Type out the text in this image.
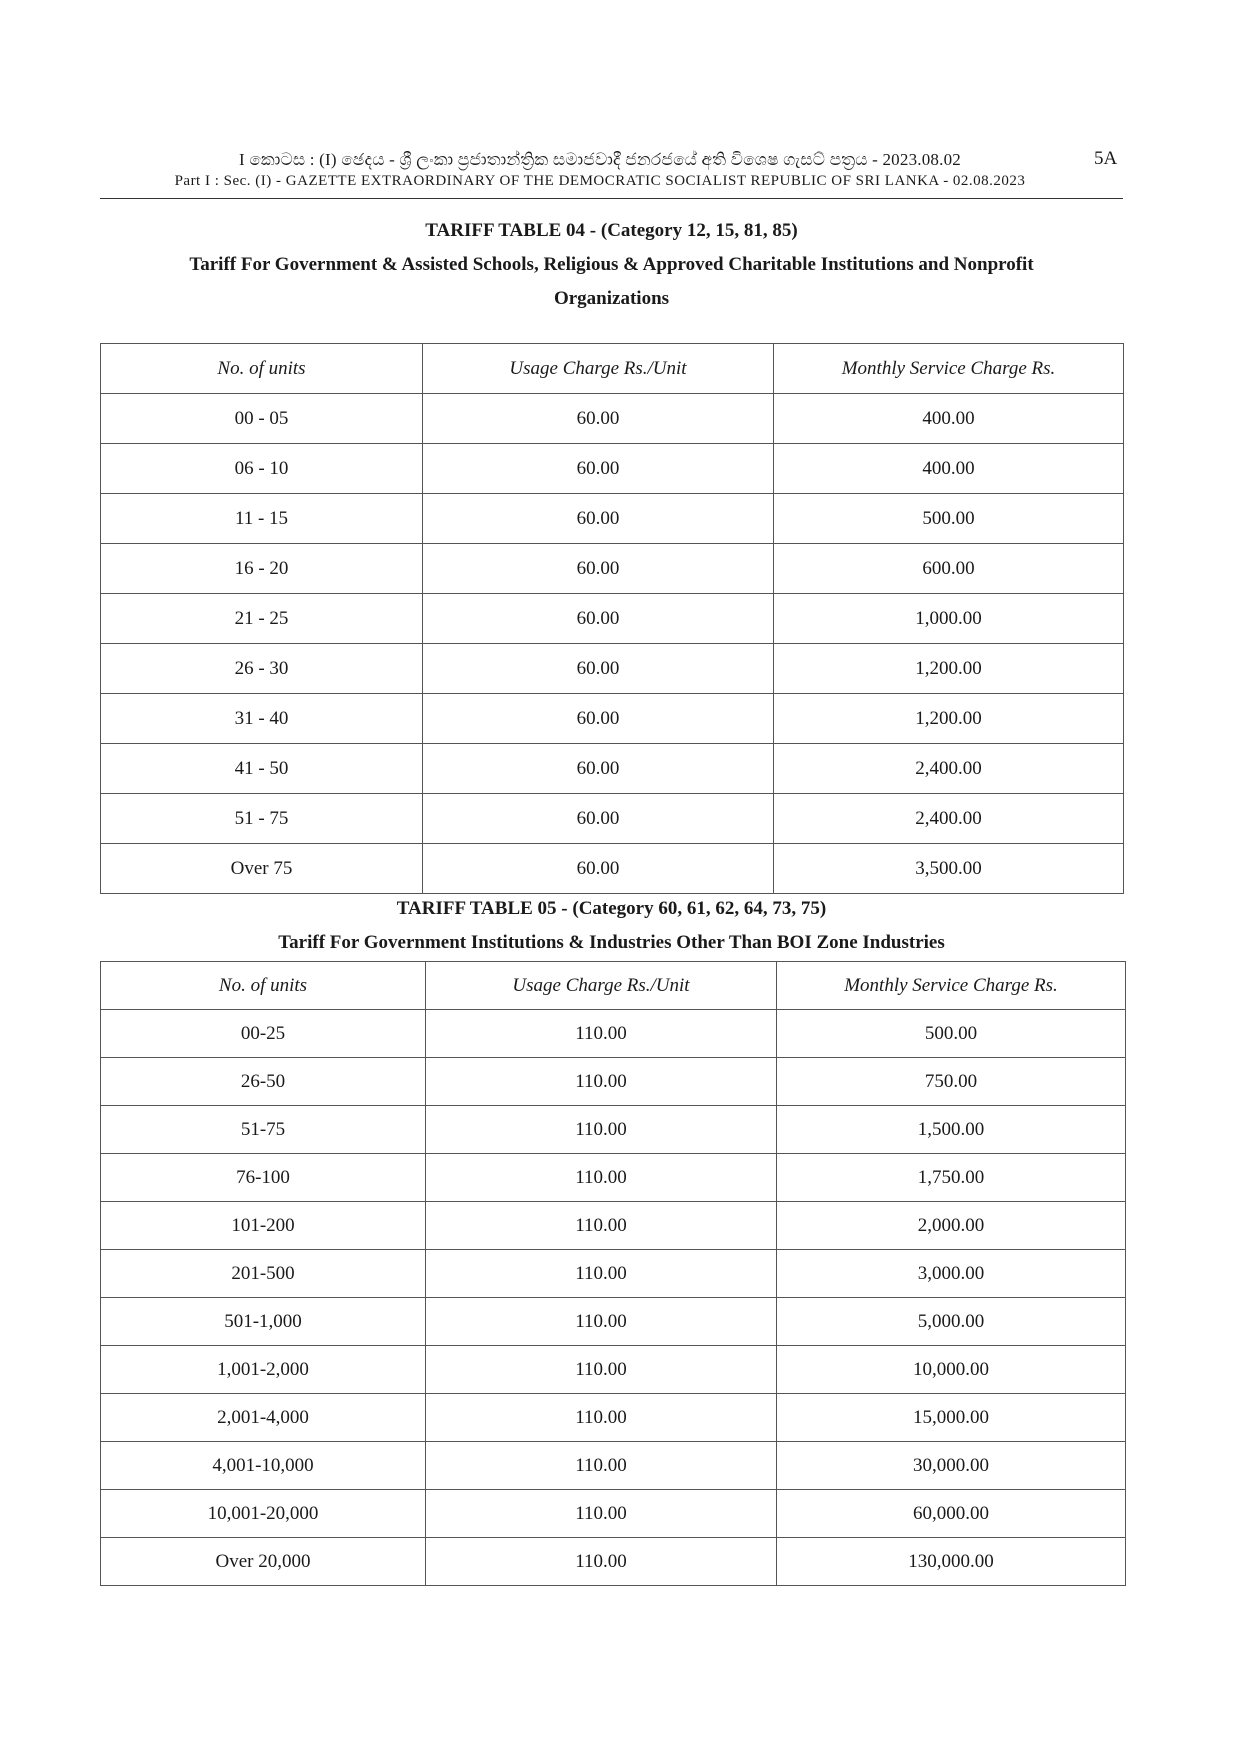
I කොටස : (I) ඡෙදය - ශ්‍රී ලංකා ප්‍රජාතාන්ත්‍රික සමාජවාදී ජනරජයේ අති විශෙෂ ගැසට් පත්‍රය - 2023.08.02
Part I : Sec. (I) - GAZETTE EXTRAORDINARY OF THE DEMOCRATIC SOCIALIST REPUBLIC OF SRI LANKA - 02.08.2023
5A
TARIFF TABLE 04 - (Category 12, 15, 81, 85)
Tariff For Government & Assisted Schools, Religious & Approved Charitable Institutions and Nonprofit
Organizations
No. of units	Usage Charge Rs./Unit	Monthly Service Charge Rs.
00 - 05	60.00	400.00
06 - 10	60.00	400.00
11 - 15	60.00	500.00
16 - 20	60.00	600.00
21 - 25	60.00	1,000.00
26 - 30	60.00	1,200.00
31 - 40	60.00	1,200.00
41 - 50	60.00	2,400.00
51 - 75	60.00	2,400.00
Over 75	60.00	3,500.00
TARIFF TABLE 05 - (Category 60, 61, 62, 64, 73, 75)
Tariff For Government Institutions & Industries Other Than BOI Zone Industries
No. of units	Usage Charge Rs./Unit	Monthly Service Charge Rs.
00-25	110.00	500.00
26-50	110.00	750.00
51-75	110.00	1,500.00
76-100	110.00	1,750.00
101-200	110.00	2,000.00
201-500	110.00	3,000.00
501-1,000	110.00	5,000.00
1,001-2,000	110.00	10,000.00
2,001-4,000	110.00	15,000.00
4,001-10,000	110.00	30,000.00
10,001-20,000	110.00	60,000.00
Over 20,000	110.00	130,000.00
